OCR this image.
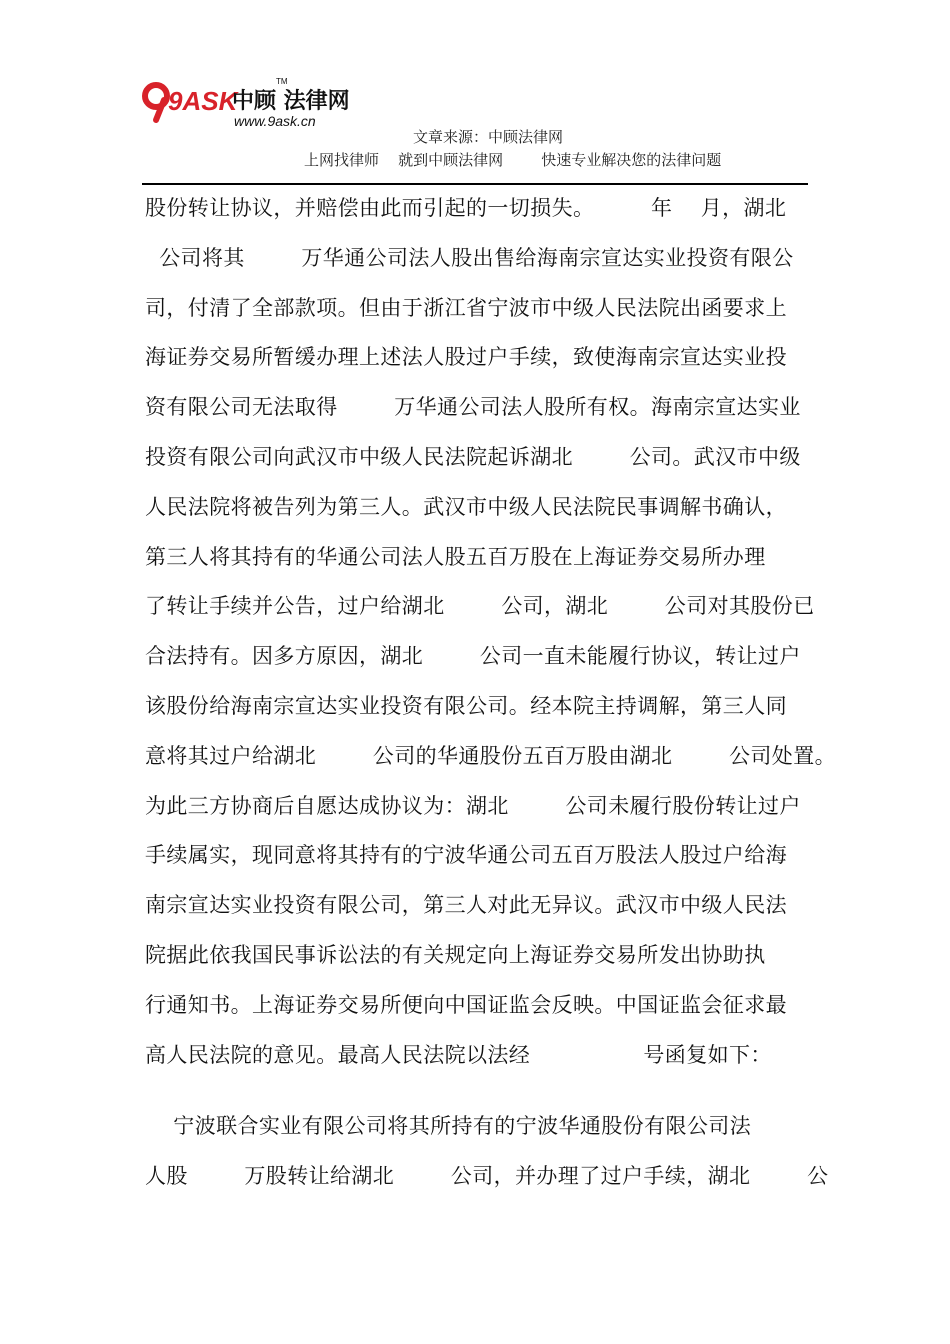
9ASK
中顾 法律网
TM
www.9ask.cn
文章来源：中顾法律网
上网找律师    就到中顾法律网        快速专业解决您的法律问题
股份转让协议，并赔偿由此而引起的一切损失。        年    月，湖北
公司将其        万华通公司法人股出售给海南宗宣达实业投资有限公
司，付清了全部款项。但由于浙江省宁波市中级人民法院出函要求上
海证券交易所暂缓办理上述法人股过户手续，致使海南宗宣达实业投
资有限公司无法取得        万华通公司法人股所有权。海南宗宣达实业
投资有限公司向武汉市中级人民法院起诉湖北        公司。武汉市中级
人民法院将被告列为第三人。武汉市中级人民法院民事调解书确认，
第三人将其持有的华通公司法人股五百万股在上海证券交易所办理
了转让手续并公告，过户给湖北        公司，湖北        公司对其股份已
合法持有。因多方原因，湖北        公司一直未能履行协议，转让过户
该股份给海南宗宣达实业投资有限公司。经本院主持调解，第三人同
意将其过户给湖北        公司的华通股份五百万股由湖北        公司处置。
为此三方协商后自愿达成协议为：湖北        公司未履行股份转让过户
手续属实，现同意将其持有的宁波华通公司五百万股法人股过户给海
南宗宣达实业投资有限公司，第三人对此无异议。武汉市中级人民法
院据此依我国民事诉讼法的有关规定向上海证券交易所发出协助执
行通知书。上海证券交易所便向中国证监会反映。中国证监会征求最
高人民法院的意见。最高人民法院以法经                号函复如下：
宁波联合实业有限公司将其所持有的宁波华通股份有限公司法
人股        万股转让给湖北        公司，并办理了过户手续，湖北        公
